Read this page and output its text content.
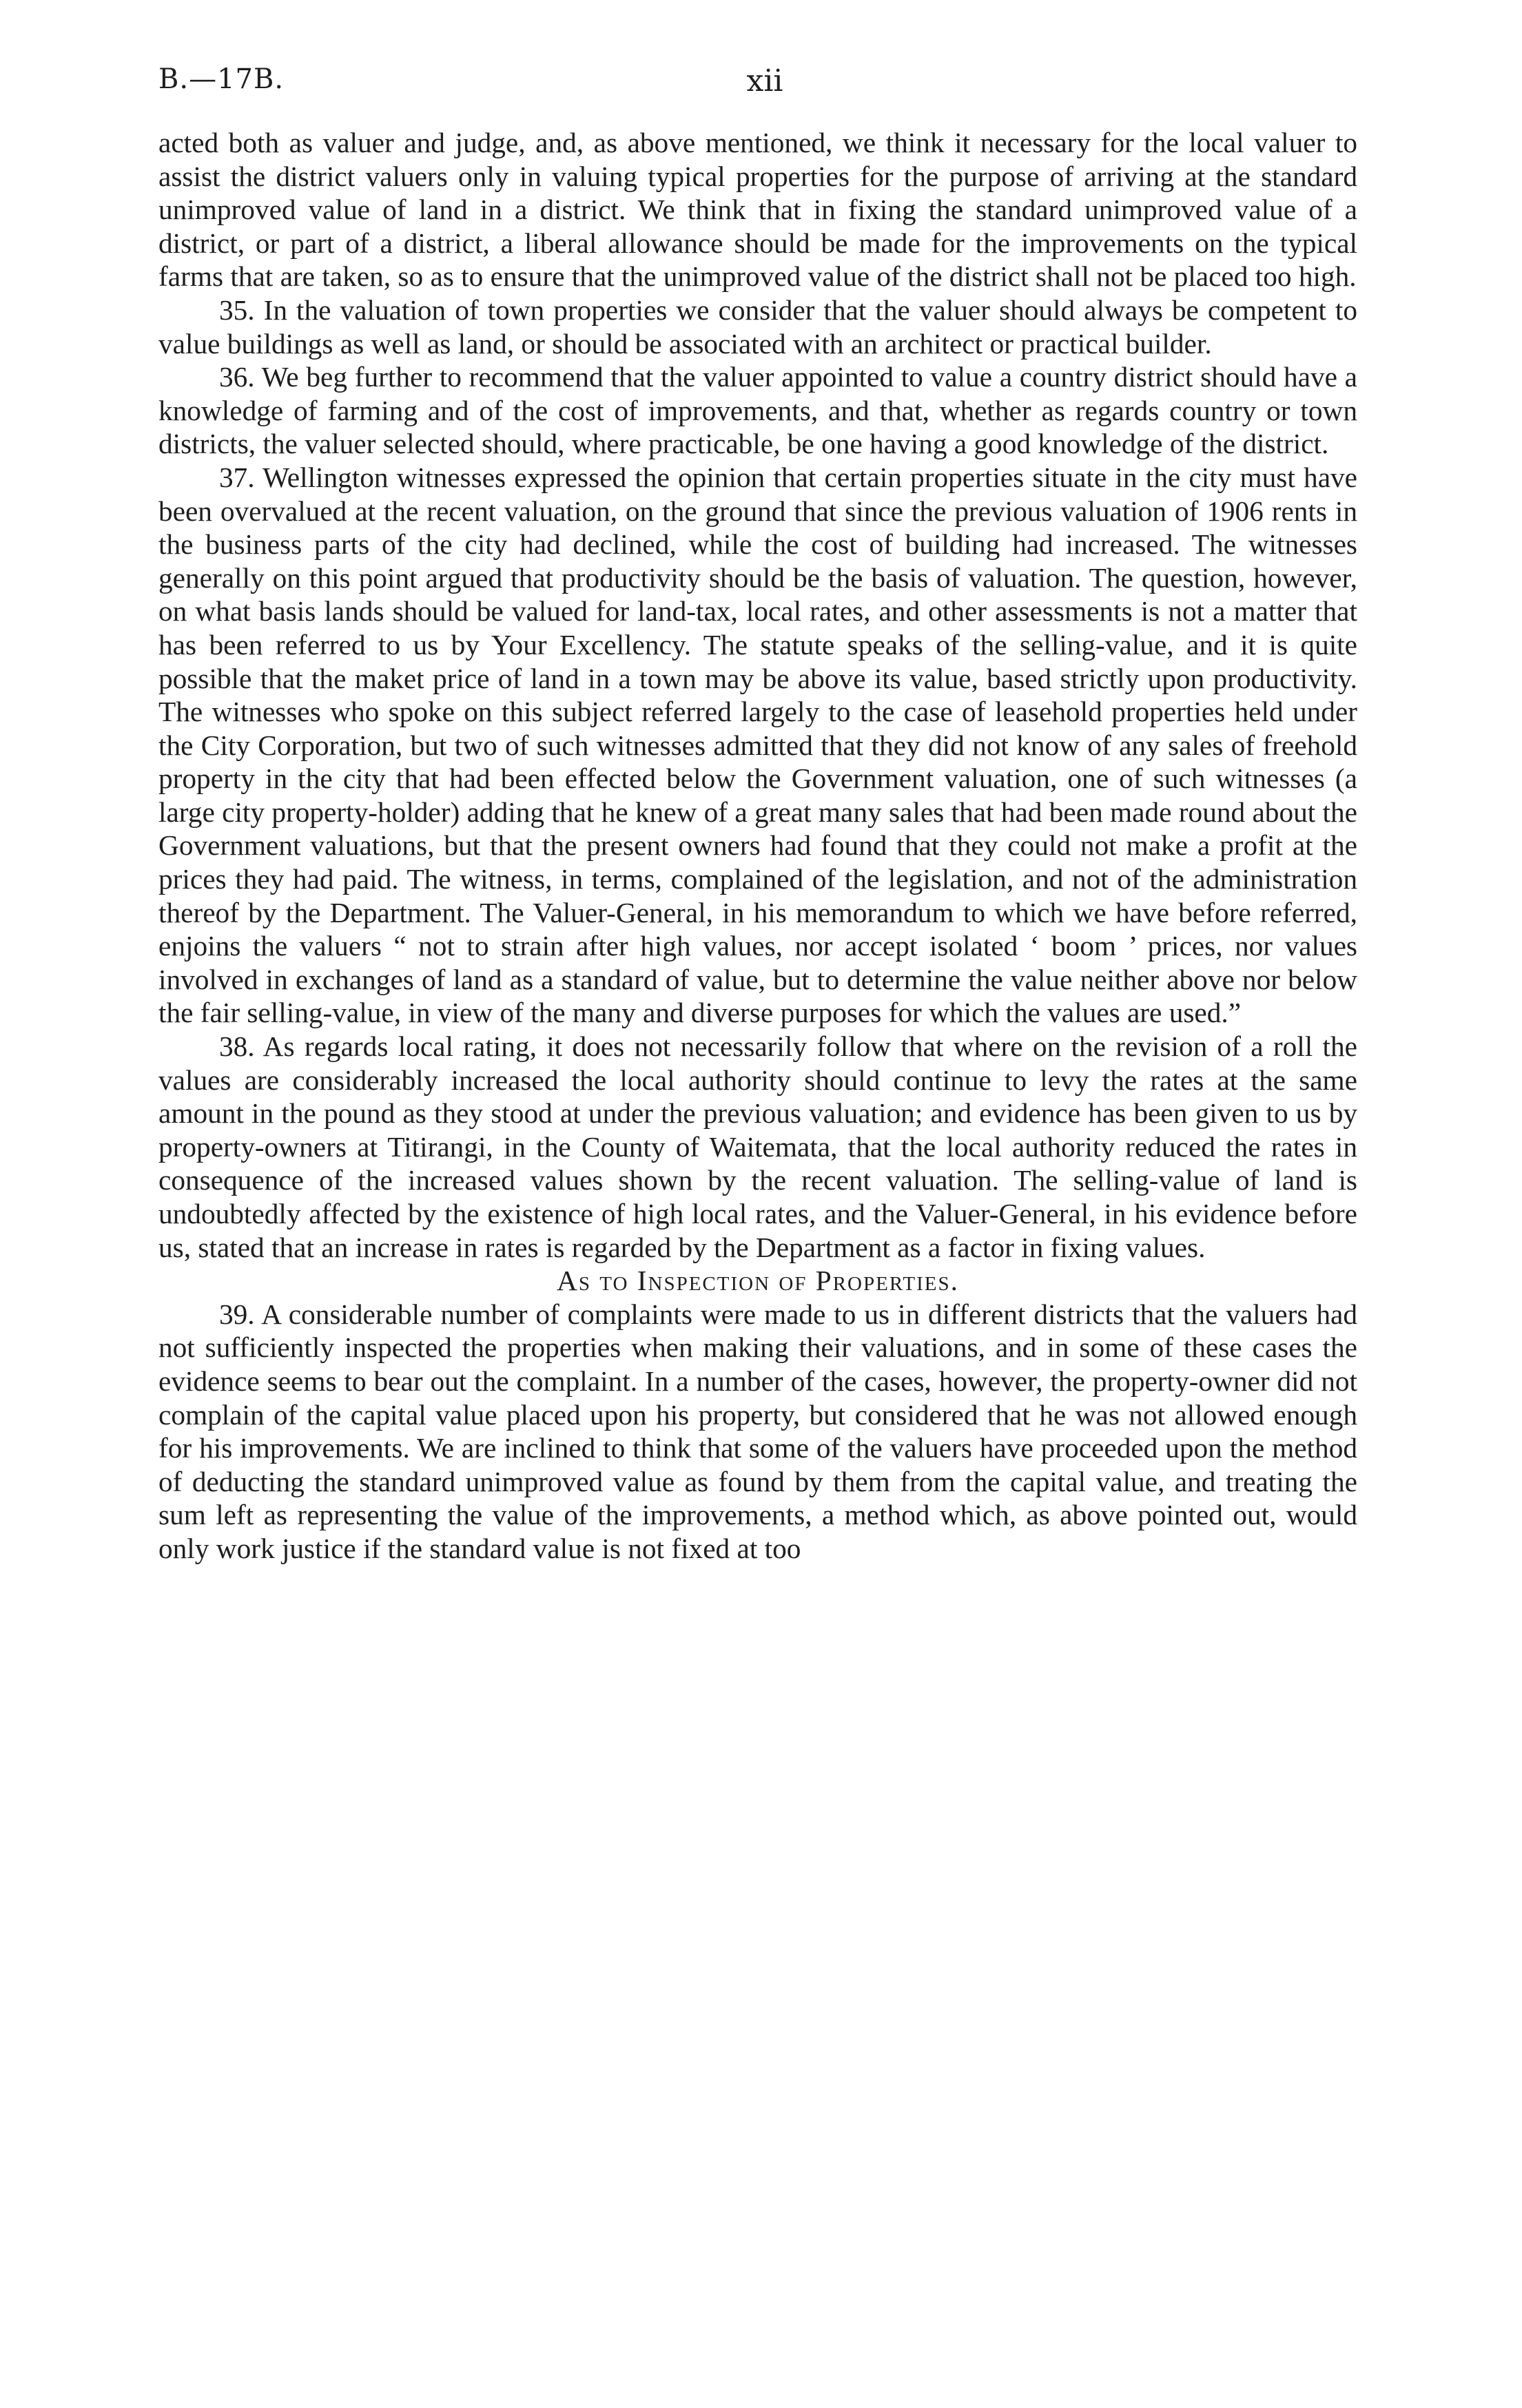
B.—17B.	xii

acted both as valuer and judge, and, as above mentioned, we think it necessary for the local valuer to assist the district valuers only in valuing typical properties for the purpose of arriving at the standard unimproved value of land in a district. We think that in fixing the standard unimproved value of a district, or part of a district, a liberal allowance should be made for the improvements on the typical farms that are taken, so as to ensure that the unimproved value of the district shall not be placed too high.

35. In the valuation of town properties we consider that the valuer should always be competent to value buildings as well as land, or should be associated with an architect or practical builder.

36. We beg further to recommend that the valuer appointed to value a country district should have a knowledge of farming and of the cost of improvements, and that, whether as regards country or town districts, the valuer selected should, where practicable, be one having a good knowledge of the district.

37. Wellington witnesses expressed the opinion that certain properties situate in the city must have been overvalued at the recent valuation, on the ground that since the previous valuation of 1906 rents in the business parts of the city had declined, while the cost of building had increased. The witnesses generally on this point argued that productivity should be the basis of valuation. The question, however, on what basis lands should be valued for land-tax, local rates, and other assessments is not a matter that has been referred to us by Your Excellency. The statute speaks of the selling-value, and it is quite possible that the maket price of land in a town may be above its value, based strictly upon productivity. The witnesses who spoke on this subject referred largely to the case of leasehold properties held under the City Corporation, but two of such witnesses admitted that they did not know of any sales of freehold property in the city that had been effected below the Government valuation, one of such witnesses (a large city property-holder) adding that he knew of a great many sales that had been made round about the Government valuations, but that the present owners had found that they could not make a profit at the prices they had paid. The witness, in terms, complained of the legislation, and not of the administration thereof by the Department. The Valuer-General, in his memorandum to which we have before referred, enjoins the valuers “ not to strain after high values, nor accept isolated ‘ boom ’ prices, nor values involved in exchanges of land as a standard of value, but to determine the value neither above nor below the fair selling-value, in view of the many and diverse purposes for which the values are used.”

38. As regards local rating, it does not necessarily follow that where on the revision of a roll the values are considerably increased the local authority should continue to levy the rates at the same amount in the pound as they stood at under the previous valuation; and evidence has been given to us by property-owners at Titirangi, in the County of Waitemata, that the local authority reduced the rates in consequence of the increased values shown by the recent valuation. The selling-value of land is undoubtedly affected by the existence of high local rates, and the Valuer-General, in his evidence before us, stated that an increase in rates is regarded by the Department as a factor in fixing values.

As to Inspection of Properties.

39. A considerable number of complaints were made to us in different districts that the valuers had not sufficiently inspected the properties when making their valuations, and in some of these cases the evidence seems to bear out the complaint. In a number of the cases, however, the property-owner did not complain of the capital value placed upon his property, but considered that he was not allowed enough for his improvements. We are inclined to think that some of the valuers have proceeded upon the method of deducting the standard unimproved value as found by them from the capital value, and treating the sum left as representing the value of the improvements, a method which, as above pointed out, would only work justice if the standard value is not fixed at too
